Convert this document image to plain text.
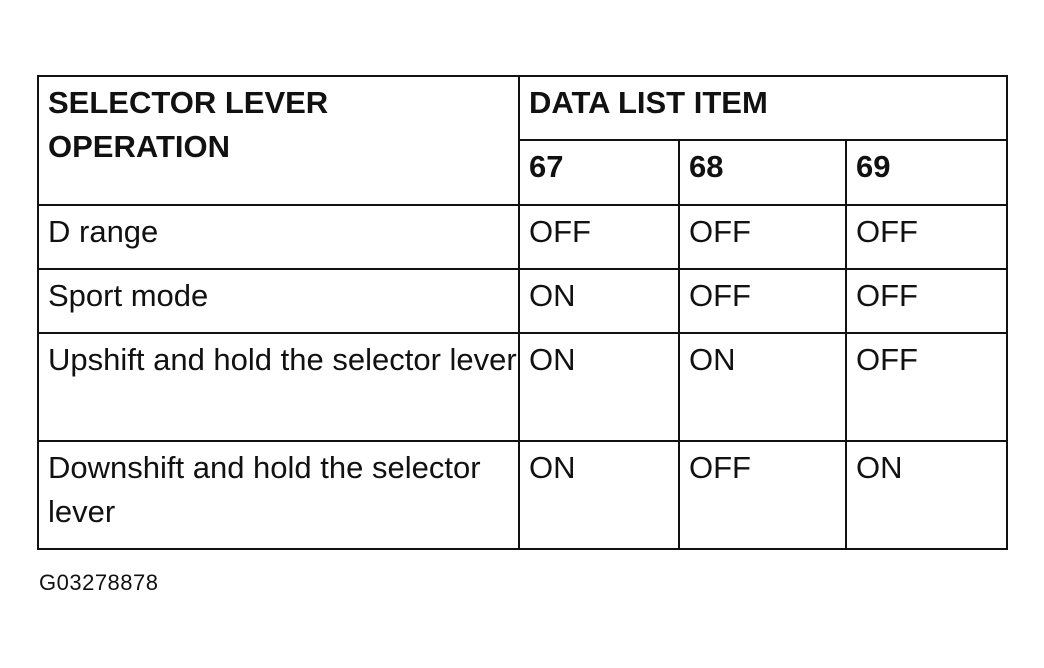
SELECTOR LEVER OPERATION	DATA LIST ITEM		
	67	68	69
D range	OFF	OFF	OFF
Sport mode	ON	OFF	OFF
Upshift and hold the selector lever	ON	ON	OFF
Downshift and hold the selector lever	ON	OFF	ON
G03278878
